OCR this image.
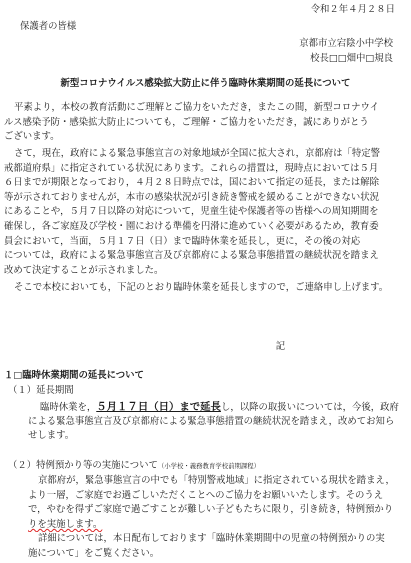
令和２年４月２８日
保護者の皆様
京都市立宕陰小中学校
校長□□畑中□規良
新型コロナウイルス感染拡大防止に伴う臨時休業期間の延長について
平素より，本校の教育活動にご理解とご協力をいただき，またこの間，新型コロナウイ
ルス感染予防・感染拡大防止についても，ご理解・ご協力をいただき，誠にありがとう
ございます。
さて，現在，政府による緊急事態宣言の対象地域が全国に拡大され，京都府は「特定警
戒都道府県」に指定されている状況にあります。これらの措置は，現時点においては５月
６日までが期限となっており，４月２８日時点では，国において指定の延長，または解除
等が示されておりませんが，本市の感染状況が引き続き警戒を緩めることができない状況
にあることや，５月７日以降の対応について，児童生徒や保護者等の皆様への周知期間を
確保し，各ご家庭及び学校・園における準備を円滑に進めていく必要があるため，教育委
員会において，当面，５月１７日（日）まで臨時休業を延長し，更に，その後の対応
については，政府による緊急事態宣言及び京都府による緊急事態措置の継続状況を踏まえ
改めて決定することが示されました。
そこで本校においても，下記のとおり臨時休業を延長しますので，ご連絡申し上げます。
記
１□臨時休業期間の延長について
（１）延長期間
臨時休業を，５月１７日（日）まで延長し，以降の取扱いについては，今後，政府
による緊急事態宣言及び京都府による緊急事態措置の継続状況を踏まえ，改めてお知ら
せします。
（２）特例預かり等の実施について（小学校・義務教育学校前期課程）
京都府が，緊急事態宣言の中でも「特別警戒地域」に指定されている現状を踏まえ，
より一層，ご家庭でお過ごしいただくことへのご協力をお願いいたします。そのうえ
で，やむを得ずご家庭で過ごすことが難しい子どもたちに限り，引き続き，特例預かり
りを実施します。
詳細については，本日配布しております「臨時休業期間中の児童の特例預かりの実
施について」をご覧ください。
